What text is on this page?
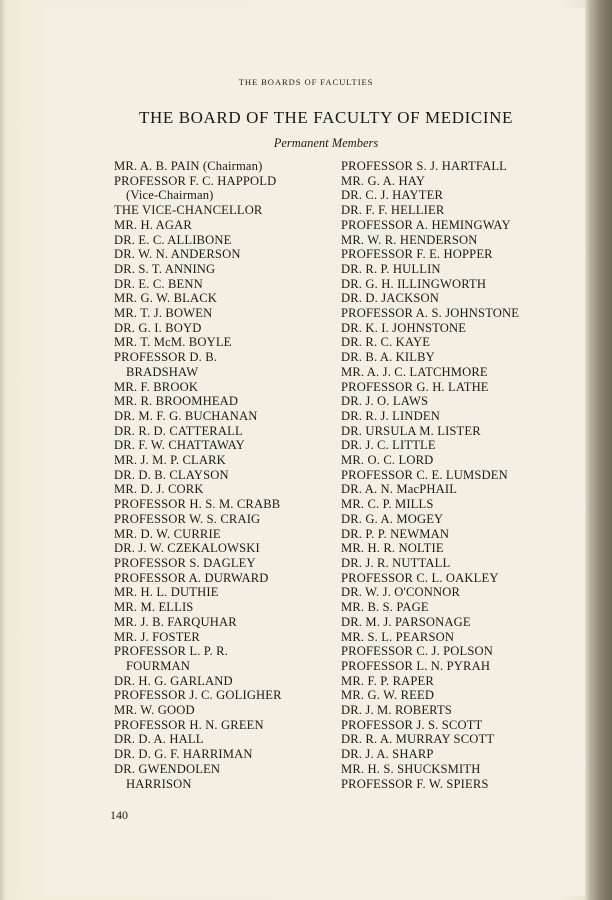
THE BOARDS OF FACULTIES
THE BOARD OF THE FACULTY OF MEDICINE
Permanent Members
MR. A. B. PAIN (Chairman)
PROFESSOR F. C. HAPPOLD
(Vice-Chairman)
THE VICE-CHANCELLOR
MR. H. AGAR
DR. E. C. ALLIBONE
DR. W. N. ANDERSON
DR. S. T. ANNING
DR. E. C. BENN
MR. G. W. BLACK
MR. T. J. BOWEN
DR. G. I. BOYD
MR. T. McM. BOYLE
PROFESSOR D. B.
BRADSHAW
MR. F. BROOK
MR. R. BROOMHEAD
DR. M. F. G. BUCHANAN
DR. R. D. CATTERALL
DR. F. W. CHATTAWAY
MR. J. M. P. CLARK
DR. D. B. CLAYSON
MR. D. J. CORK
PROFESSOR H. S. M. CRABB
PROFESSOR W. S. CRAIG
MR. D. W. CURRIE
DR. J. W. CZEKALOWSKI
PROFESSOR S. DAGLEY
PROFESSOR A. DURWARD
MR. H. L. DUTHIE
MR. M. ELLIS
MR. J. B. FARQUHAR
MR. J. FOSTER
PROFESSOR L. P. R.
FOURMAN
DR. H. G. GARLAND
PROFESSOR J. C. GOLIGHER
MR. W. GOOD
PROFESSOR H. N. GREEN
DR. D. A. HALL
DR. D. G. F. HARRIMAN
DR. GWENDOLEN
HARRISON
PROFESSOR S. J. HARTFALL
MR. G. A. HAY
DR. C. J. HAYTER
DR. F. F. HELLIER
PROFESSOR A. HEMINGWAY
MR. W. R. HENDERSON
PROFESSOR F. E. HOPPER
DR. R. P. HULLIN
DR. G. H. ILLINGWORTH
DR. D. JACKSON
PROFESSOR A. S. JOHNSTONE
DR. K. I. JOHNSTONE
DR. R. C. KAYE
DR. B. A. KILBY
MR. A. J. C. LATCHMORE
PROFESSOR G. H. LATHE
DR. J. O. LAWS
DR. R. J. LINDEN
DR. URSULA M. LISTER
DR. J. C. LITTLE
MR. O. C. LORD
PROFESSOR C. E. LUMSDEN
DR. A. N. MacPHAIL
MR. C. P. MILLS
DR. G. A. MOGEY
DR. P. P. NEWMAN
MR. H. R. NOLTIE
DR. J. R. NUTTALL
PROFESSOR C. L. OAKLEY
DR. W. J. O'CONNOR
MR. B. S. PAGE
DR. M. J. PARSONAGE
MR. S. L. PEARSON
PROFESSOR C. J. POLSON
PROFESSOR L. N. PYRAH
MR. F. P. RAPER
MR. G. W. REED
DR. J. M. ROBERTS
PROFESSOR J. S. SCOTT
DR. R. A. MURRAY SCOTT
DR. J. A. SHARP
MR. H. S. SHUCKSMITH
PROFESSOR F. W. SPIERS
140
